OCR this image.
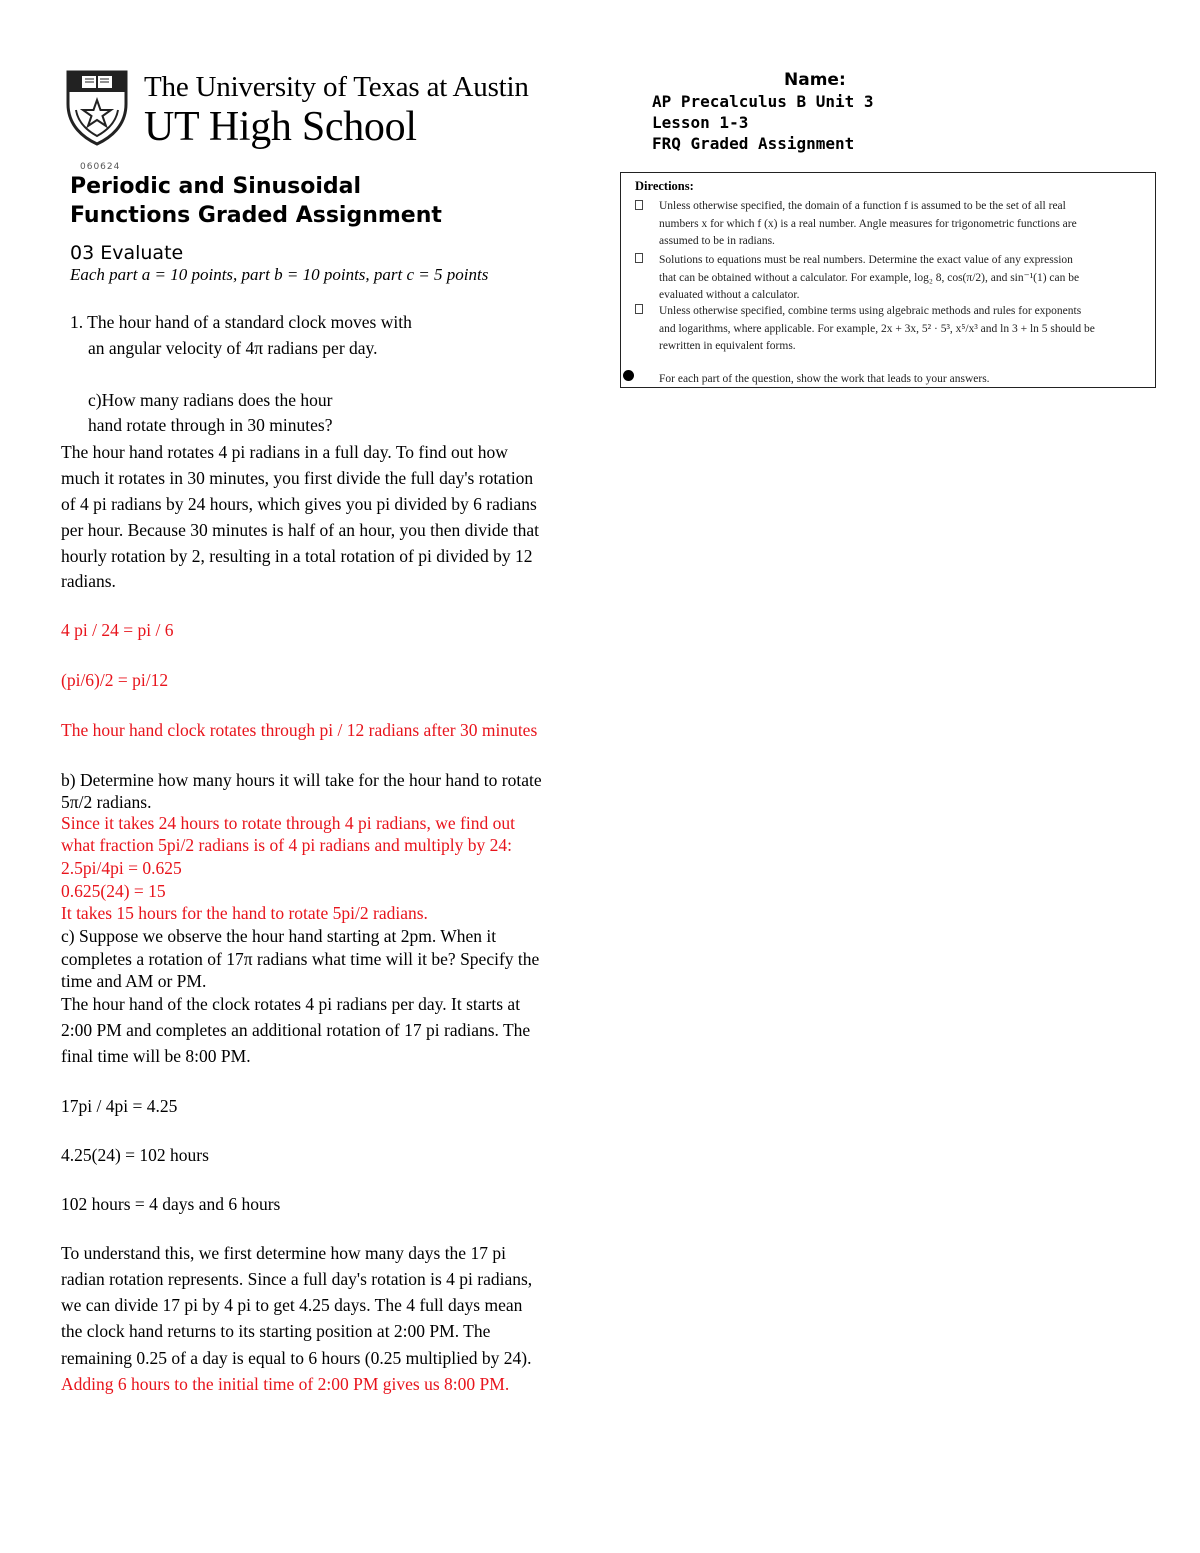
The University of Texas at Austin
UT High School
060624
Name:
AP Precalculus B Unit 3
Lesson 1-3
FRQ Graded Assignment
Periodic and Sinusoidal
Functions Graded Assignment
03 Evaluate
Each part a = 10 points, part b = 10 points, part c = 5 points
Directions:
Unless otherwise specified, the domain of a function f is assumed to be the set of all real
numbers x for which f (x) is a real number. Angle measures for trigonometric functions are
assumed to be in radians.
Solutions to equations must be real numbers. Determine the exact value of any expression
that can be obtained without a calculator. For example, log₂ 8, cos(π/2), and sin⁻¹(1) can be
evaluated without a calculator.
Unless otherwise specified, combine terms using algebraic methods and rules for exponents
and logarithms, where applicable. For example, 2x + 3x, 5² · 5³, x⁵/x³ and ln 3 + ln 5 should be
rewritten in equivalent forms.
For each part of the question, show the work that leads to your answers.
1. The hour hand of a standard clock moves with
an angular velocity of 4π radians per day.
c)How many radians does the hour
hand rotate through in 30 minutes?
The hour hand rotates 4 pi radians in a full day. To find out how
much it rotates in 30 minutes, you first divide the full day's rotation
of 4 pi radians by 24 hours, which gives you pi divided by 6 radians
per hour. Because 30 minutes is half of an hour, you then divide that
hourly rotation by 2, resulting in a total rotation of pi divided by 12
radians.
4 pi / 24 = pi / 6
(pi/6)/2 = pi/12
The hour hand clock rotates through pi / 12 radians after 30 minutes
b) Determine how many hours it will take for the hour hand to rotate
5π/2 radians.
Since it takes 24 hours to rotate through 4 pi radians, we find out
what fraction 5pi/2 radians is of 4 pi radians and multiply by 24:
2.5pi/4pi = 0.625
0.625(24) = 15
It takes 15 hours for the hand to rotate 5pi/2 radians.
c) Suppose we observe the hour hand starting at 2pm. When it
completes a rotation of 17π radians what time will it be? Specify the
time and AM or PM.
The hour hand of the clock rotates 4 pi radians per day. It starts at
2:00 PM and completes an additional rotation of 17 pi radians. The
final time will be 8:00 PM.
17pi / 4pi = 4.25
4.25(24) = 102 hours
102 hours = 4 days and 6 hours
To understand this, we first determine how many days the 17 pi
radian rotation represents. Since a full day's rotation is 4 pi radians,
we can divide 17 pi by 4 pi to get 4.25 days. The 4 full days mean
the clock hand returns to its starting position at 2:00 PM. The
remaining 0.25 of a day is equal to 6 hours (0.25 multiplied by 24).
Adding 6 hours to the initial time of 2:00 PM gives us 8:00 PM.
